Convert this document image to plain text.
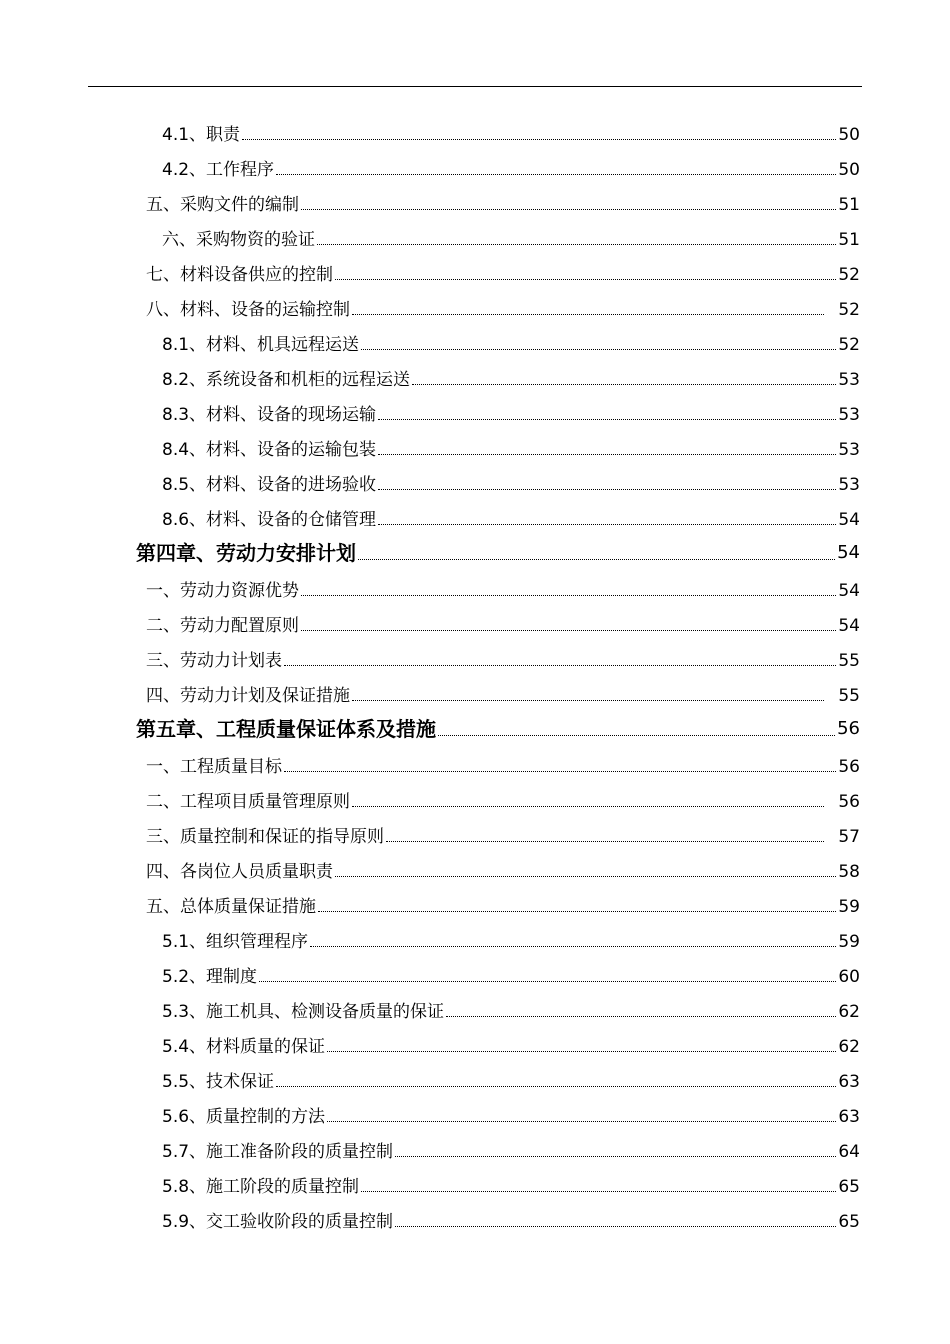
4.1、职责	50
4.2、工作程序	50
五、采购文件的编制	51
六、采购物资的验证	51
七、材料设备供应的控制	52
八、材料、设备的运输控制	52
8.1、材料、机具远程运送	52
8.2、系统设备和机柜的远程运送	53
8.3、材料、设备的现场运输	53
8.4、材料、设备的运输包装	53
8.5、材料、设备的进场验收	53
8.6、材料、设备的仓储管理	54
第四章、劳动力安排计划	54
一、劳动力资源优势	54
二、劳动力配置原则	54
三、劳动力计划表	55
四、劳动力计划及保证措施	55
第五章、工程质量保证体系及措施	56
一、工程质量目标	56
二、工程项目质量管理原则	56
三、质量控制和保证的指导原则	57
四、各岗位人员质量职责	58
五、总体质量保证措施	59
5.1、组织管理程序	59
5.2、理制度	60
5.3、施工机具、检测设备质量的保证	62
5.4、材料质量的保证	62
5.5、技术保证	63
5.6、质量控制的方法	63
5.7、施工准备阶段的质量控制	64
5.8、施工阶段的质量控制	65
5.9、交工验收阶段的质量控制	65
